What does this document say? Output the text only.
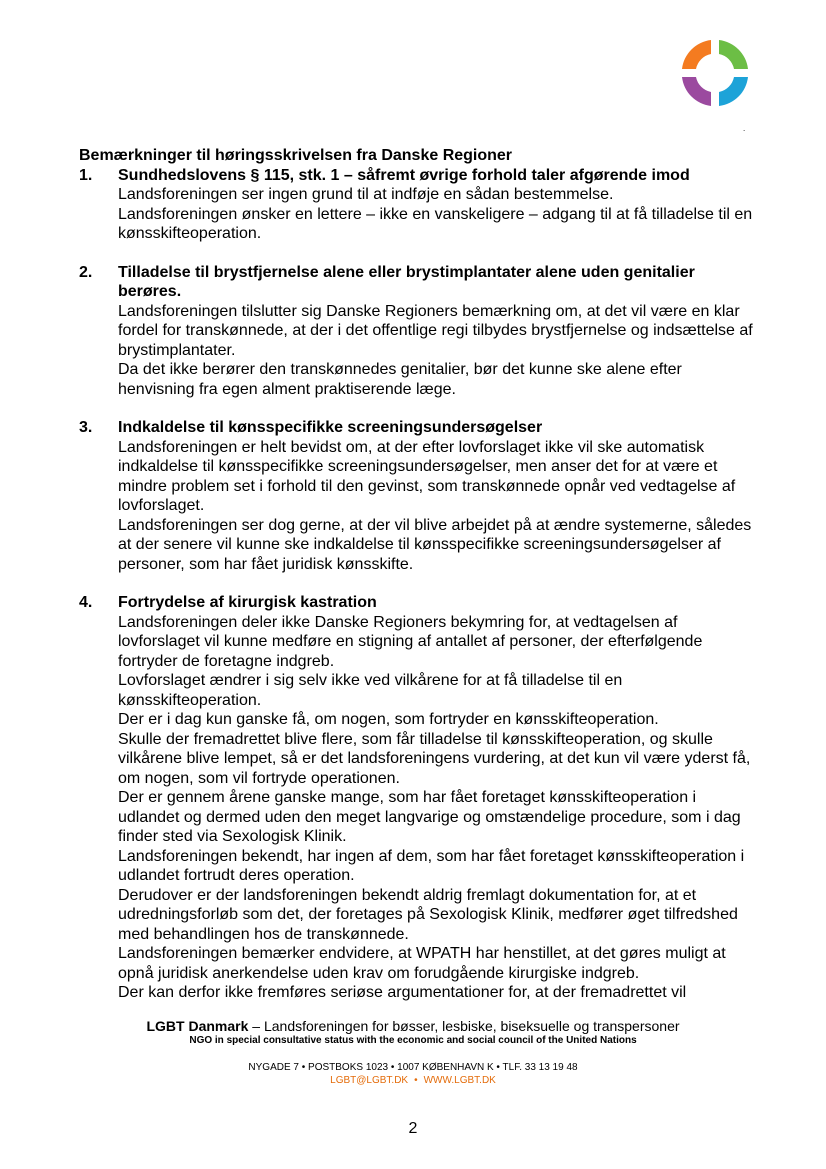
.

Bemærkninger til høringsskrivelsen fra Danske Regioner

1. Sundhedslovens § 115, stk. 1 – såfremt øvrige forhold taler afgørende imod

Landsforeningen ser ingen grund til at indføje en sådan bestemmelse.

Landsforeningen ønsker en lettere – ikke en vanskeligere – adgang til at få tilladelse til en kønsskifteoperation.

2. Tilladelse til brystfjernelse alene eller brystimplantater alene uden genitalier berøres.

Landsforeningen tilslutter sig Danske Regioners bemærkning om, at det vil være en klar fordel for transkønnede, at der i det offentlige regi tilbydes brystfjernelse og indsættelse af brystimplantater.

Da det ikke berører den transkønnedes genitalier, bør det kunne ske alene efter henvisning fra egen alment praktiserende læge.

3. Indkaldelse til kønsspecifikke screeningsundersøgelser

Landsforeningen er helt bevidst om, at der efter lovforslaget ikke vil ske automatisk indkaldelse til kønsspecifikke screeningsundersøgelser, men anser det for at være et mindre problem set i forhold til den gevinst, som transkønnede opnår ved vedtagelse af lovforslaget.

Landsforeningen ser dog gerne, at der vil blive arbejdet på at ændre systemerne, således at der senere vil kunne ske indkaldelse til kønsspecifikke screeningsundersøgelser af personer, som har fået juridisk kønsskifte.

4. Fortrydelse af kirurgisk kastration

Landsforeningen deler ikke Danske Regioners bekymring for, at vedtagelsen af lovforslaget vil kunne medføre en stigning af antallet af personer, der efterfølgende fortryder de foretagne indgreb.

Lovforslaget ændrer i sig selv ikke ved vilkårene for at få tilladelse til en kønsskifteoperation.

Der er i dag kun ganske få, om nogen, som fortryder en kønsskifteoperation.

Skulle der fremadrettet blive flere, som får tilladelse til kønsskifteoperation, og skulle vilkårene blive lempet, så er det landsforeningens vurdering, at det kun vil være yderst få, om nogen, som vil fortryde operationen.

Der er gennem årene ganske mange, som har fået foretaget kønsskifteoperation i udlandet og dermed uden den meget langvarige og omstændelige procedure, som i dag finder sted via Sexologisk Klinik.

Landsforeningen bekendt, har ingen af dem, som har fået foretaget kønsskifteoperation i udlandet fortrudt deres operation.

Derudover er der landsforeningen bekendt aldrig fremlagt dokumentation for, at et udredningsforløb som det, der foretages på Sexologisk Klinik, medfører øget tilfredshed med behandlingen hos de transkønnede.

Landsforeningen bemærker endvidere, at WPATH har henstillet, at det gøres muligt at opnå juridisk anerkendelse uden krav om forudgående kirurgiske indgreb.

Der kan derfor ikke fremføres seriøse argumentationer for, at der fremadrettet vil

LGBT Danmark – Landsforeningen for bøsser, lesbiske, biseksuelle og transpersoner
NGO in special consultative status with the economic and social council of the United Nations
NYGADE 7 • POSTBOKS 1023 • 1007 KØBENHAVN K • TLF. 33 13 19 48
LGBT@LGBT.DK • WWW.LGBT.DK
2
